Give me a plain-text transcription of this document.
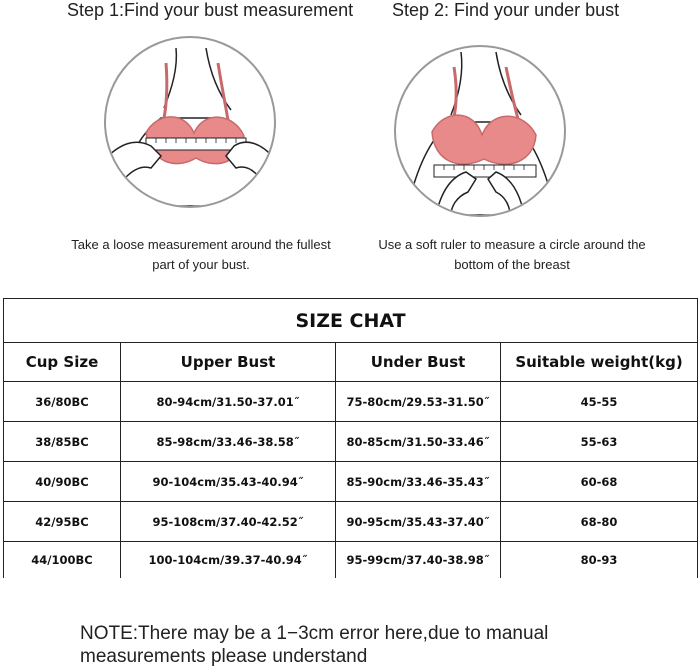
Step 1:Find your bust measurement Step 2: Find your under bust
Take a loose measurement around the fullest
part of your bust.
Use a soft ruler to measure a circle around the
bottom of the breast
SIZE CHAT			
Cup Size	Upper Bust	Under Bust	Suitable weight(kg)
36/80BC	80-94cm/31.50-37.01˝	75-80cm/29.53-31.50˝	45-55
38/85BC	85-98cm/33.46-38.58˝	80-85cm/31.50-33.46˝	55-63
40/90BC	90-104cm/35.43-40.94˝	85-90cm/33.46-35.43˝	60-68
42/95BC	95-108cm/37.40-42.52˝	90-95cm/35.43-37.40˝	68-80
44/100BC	100-104cm/39.37-40.94˝	95-99cm/37.40-38.98˝	80-93
NOTE:There may be a 1−3cm error here,due to manual
measurements please understand
